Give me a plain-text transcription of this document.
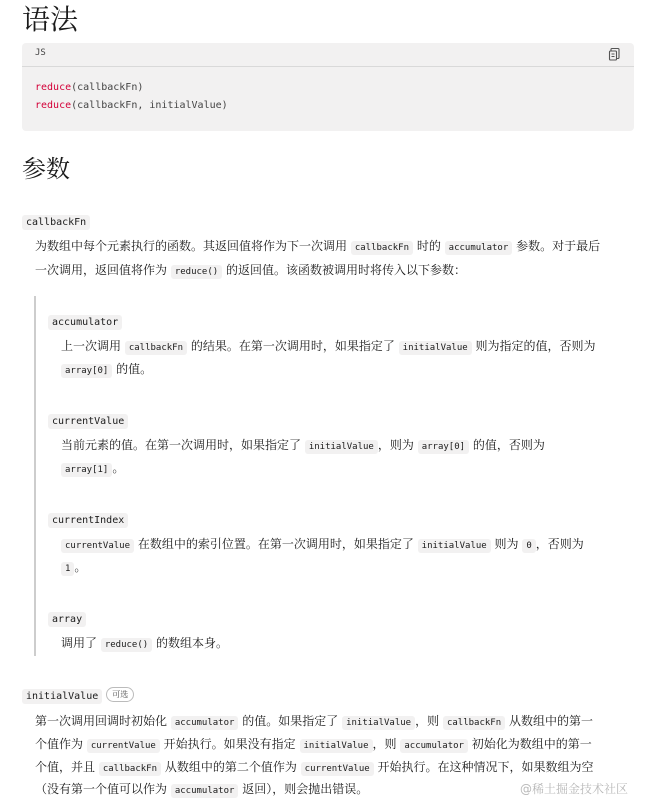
语法
JS
reduce(callbackFn)
reduce(callbackFn, initialValue)
参数
callbackFn
为数组中每个元素执行的函数。其返回值将作为下一次调用 callbackFn 时的 accumulator 参数。对于最后
一次调用，返回值将作为 reduce() 的返回值。该函数被调用时将传入以下参数：
accumulator
上一次调用 callbackFn 的结果。在第一次调用时，如果指定了 initialValue 则为指定的值，否则为
array[0] 的值。
currentValue
当前元素的值。在第一次调用时，如果指定了 initialValue ，则为 array[0] 的值，否则为
array[1] 。
currentIndex
currentValue 在数组中的索引位置。在第一次调用时，如果指定了 initialValue 则为 0 ，否则为
1 。
array
调用了 reduce() 的数组本身。
initialValue 可选
第一次调用回调时初始化 accumulator 的值。如果指定了 initialValue ，则 callbackFn 从数组中的第一
个值作为 currentValue 开始执行。如果没有指定 initialValue ，则 accumulator 初始化为数组中的第一
个值，并且 callbackFn 从数组中的第二个值作为 currentValue 开始执行。在这种情况下，如果数组为空
（没有第一个值可以作为 accumulator 返回），则会抛出错误。	@稀土掘金技术社区
